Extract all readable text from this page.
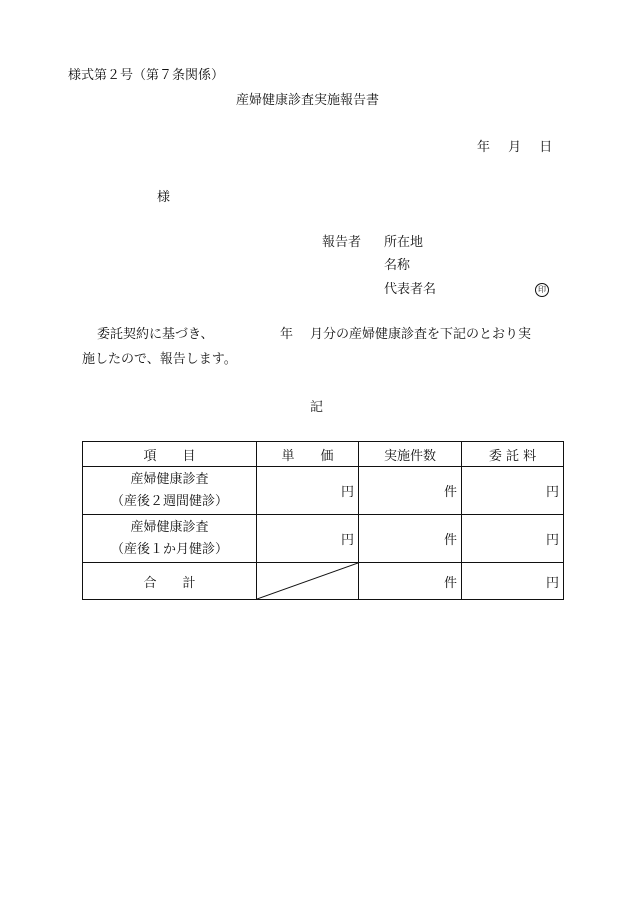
様式第２号（第７条関係）
産婦健康診査実施報告書
年 月 日
様
報告者 所在地
名称
代表者名	印
委託契約に基づき、	年 月分の産婦健康診査を下記のとおり実
施したので、報告します。
記
項　　目	単　　価	実施件数	委 託 料

産婦健康診査
（産後２週間健診）	円	件	円

産婦健康診査
（産後１か月健診）	円	件	円
合　　計		件	円
